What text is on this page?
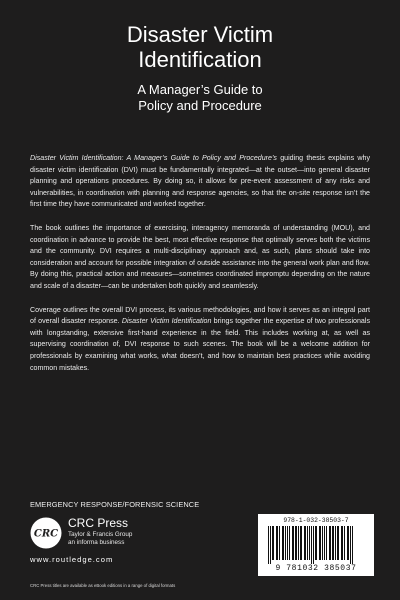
Disaster Victim
Identification
A Manager’s Guide to
Policy and Procedure

Disaster Victim Identification: A Manager’s Guide to Policy and Procedure’s guiding thesis explains why disaster victim identification (DVI) must be fundamentally integrated—at the outset—into general disaster planning and operations procedures. By doing so, it allows for pre-event assessment of any risks and vulnerabilities, in coordination with planning and response agencies, so that the on-site response isn’t the first time they have communicated and worked together.

The book outlines the importance of exercising, interagency memoranda of understanding (MOU), and coordination in advance to provide the best, most effective response that optimally serves both the victims and the community. DVI requires a multi-disciplinary approach and, as such, plans should take into consideration and account for possible integration of outside assistance into the general work plan and flow. By doing this, practical action and measures—sometimes coordinated impromptu depending on the nature and scale of a disaster—can be undertaken both quickly and seamlessly.

Coverage outlines the overall DVI process, its various methodologies, and how it serves as an integral part of overall disaster response. Disaster Victim Identification brings together the expertise of two professionals with longstanding, extensive first-hand experience in the field. This includes working at, as well as supervising coordination of, DVI response to such scenes. The book will be a welcome addition for professionals by examining what works, what doesn’t, and how to maintain best practices while avoiding common mistakes.

EMERGENCY RESPONSE/FORENSIC SCIENCE
CRC
CRC Press
Taylor & Francis Group
an informa business
www.routledge.com
CRC Press titles are available as eBook editions in a range of digital formats
978-1-032-38503-7
9 781032 385037
